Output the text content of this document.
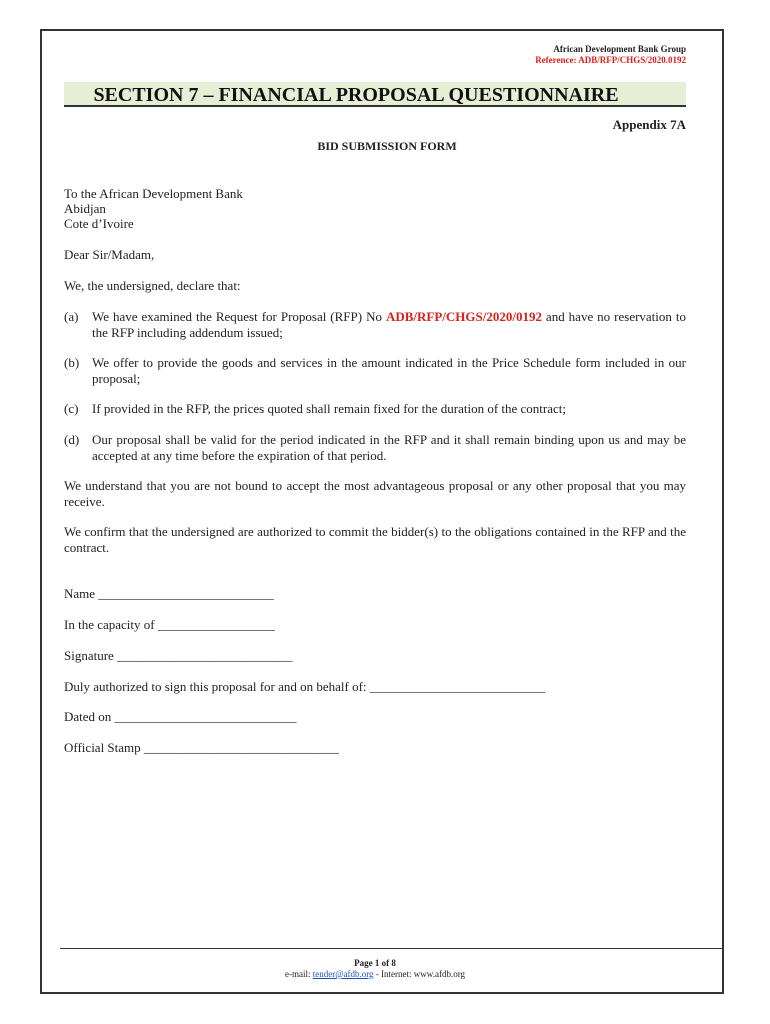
African Development Bank Group
Reference: ADB/RFP/CHGS/2020.0192
SECTION 7 – FINANCIAL PROPOSAL QUESTIONNAIRE
Appendix 7A
BID SUBMISSION FORM
To the African Development Bank
Abidjan
Cote d’Ivoire
Dear Sir/Madam,
We, the undersigned, declare that:
(a)	We have examined the Request for Proposal (RFP) No ADB/RFP/CHGS/2020/0192 and have no reservation to the RFP including addendum issued;
(b) We offer to provide the goods and services in the amount indicated in the Price Schedule form included in our proposal;
(c)	If provided in the RFP, the prices quoted shall remain fixed for the duration of the contract;
(d) Our proposal shall be valid for the period indicated in the RFP and it shall remain binding upon us and may be accepted at any time before the expiration of that period.
We understand that you are not bound to accept the most advantageous proposal or any other proposal that you may receive.
We confirm that the undersigned are authorized to commit the bidder(s) to the obligations contained in the RFP and the contract.
Name ___________________________
In the capacity of __________________
Signature ___________________________
Duly authorized to sign this proposal for and on behalf of: ___________________________
Dated on ____________________________
Official Stamp ______________________________
Page 1 of 8
e-mail: tender@afdb.org - Internet: www.afdb.org
